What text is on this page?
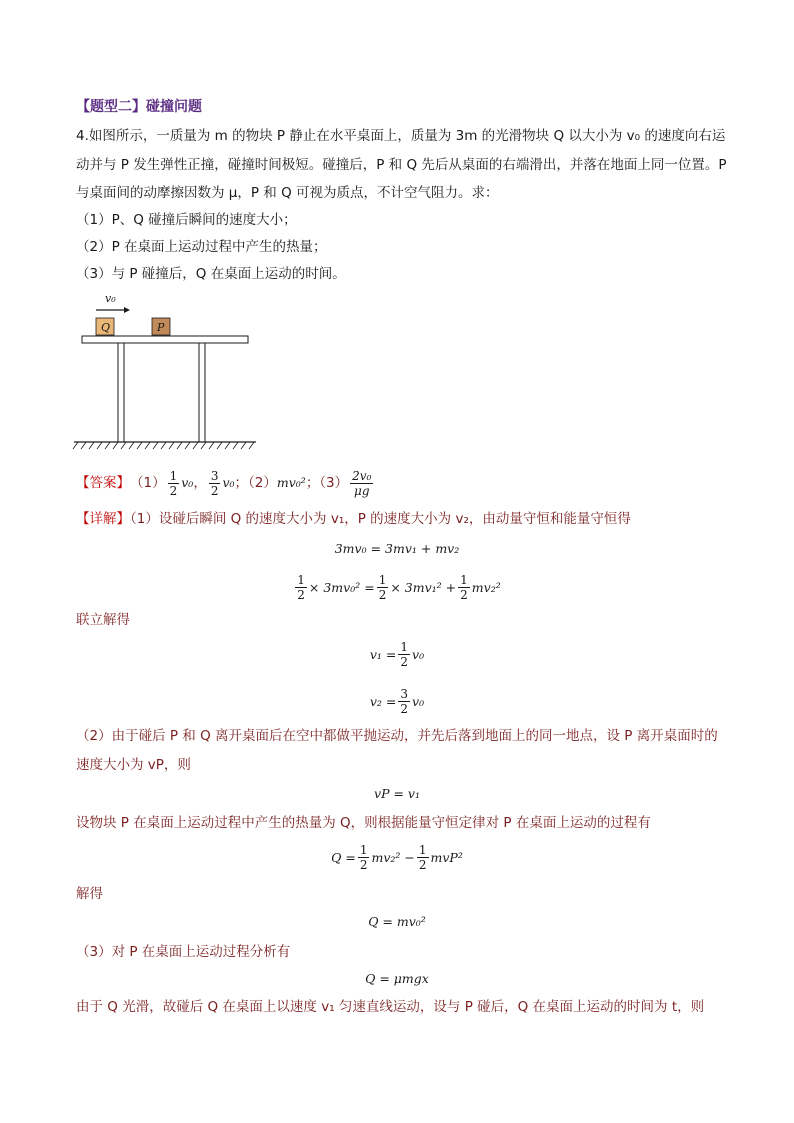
【题型二】碰撞问题
4.如图所示，一质量为 m 的物块 P 静止在水平桌面上，质量为 3m 的光滑物块 Q 以大小为 v₀ 的速度向右运
动并与 P 发生弹性正撞，碰撞时间极短。碰撞后，P 和 Q 先后从桌面的右端滑出，并落在地面上同一位置。P
与桌面间的动摩擦因数为 μ，P 和 Q 可视为质点，不计空气阻力。求：
（1）P、Q 碰撞后瞬间的速度大小；
（2）P 在桌面上运动过程中产生的热量；
（3）与 P 碰撞后，Q 在桌面上运动的时间。
v₀
Q	P
【答案】 $(1) \frac{1}{2} v_0$ ， $\frac{3}{2} v_0$ ；（2） mv₀² ；$(3) \frac{\text{2v₀}}{\mu g}$
【详解】（1）设碰后瞬间 Q 的速度大小为 v₁，P 的速度大小为 v₂，由动量守恒和能量守恒得
3mv₀ = 3mv₁ + mv₂
$\frac{1}{2} \times 3mv_0^2 = \frac{1}{2} \times 3mv_1^2 + \frac{1}{2} mv_2^2$
联立解得
$v_1 = \frac{1}{2} v_0$
$v_2 = \frac{3}{2} v_0$
（2）由于碰后 P 和 Q 离开桌面后在空中都做平抛运动，并先后落到地面上的同一地点，设 P 离开桌面时的
速度大小为 vP，则
vP = v₁
设物块 P 在桌面上运动过程中产生的热量为 Q，则根据能量守恒定律对 P 在桌面上运动的过程有
$Q = \frac{1}{2} mv_2^2 - \frac{1}{2} mvP^2$
解得
Q = mv₀²
（3）对 P 在桌面上运动过程分析有
Q = μmgx
由于 Q 光滑，故碰后 Q 在桌面上以速度 v₁ 匀速直线运动，设与 P 碰后，Q 在桌面上运动的时间为 t，则
